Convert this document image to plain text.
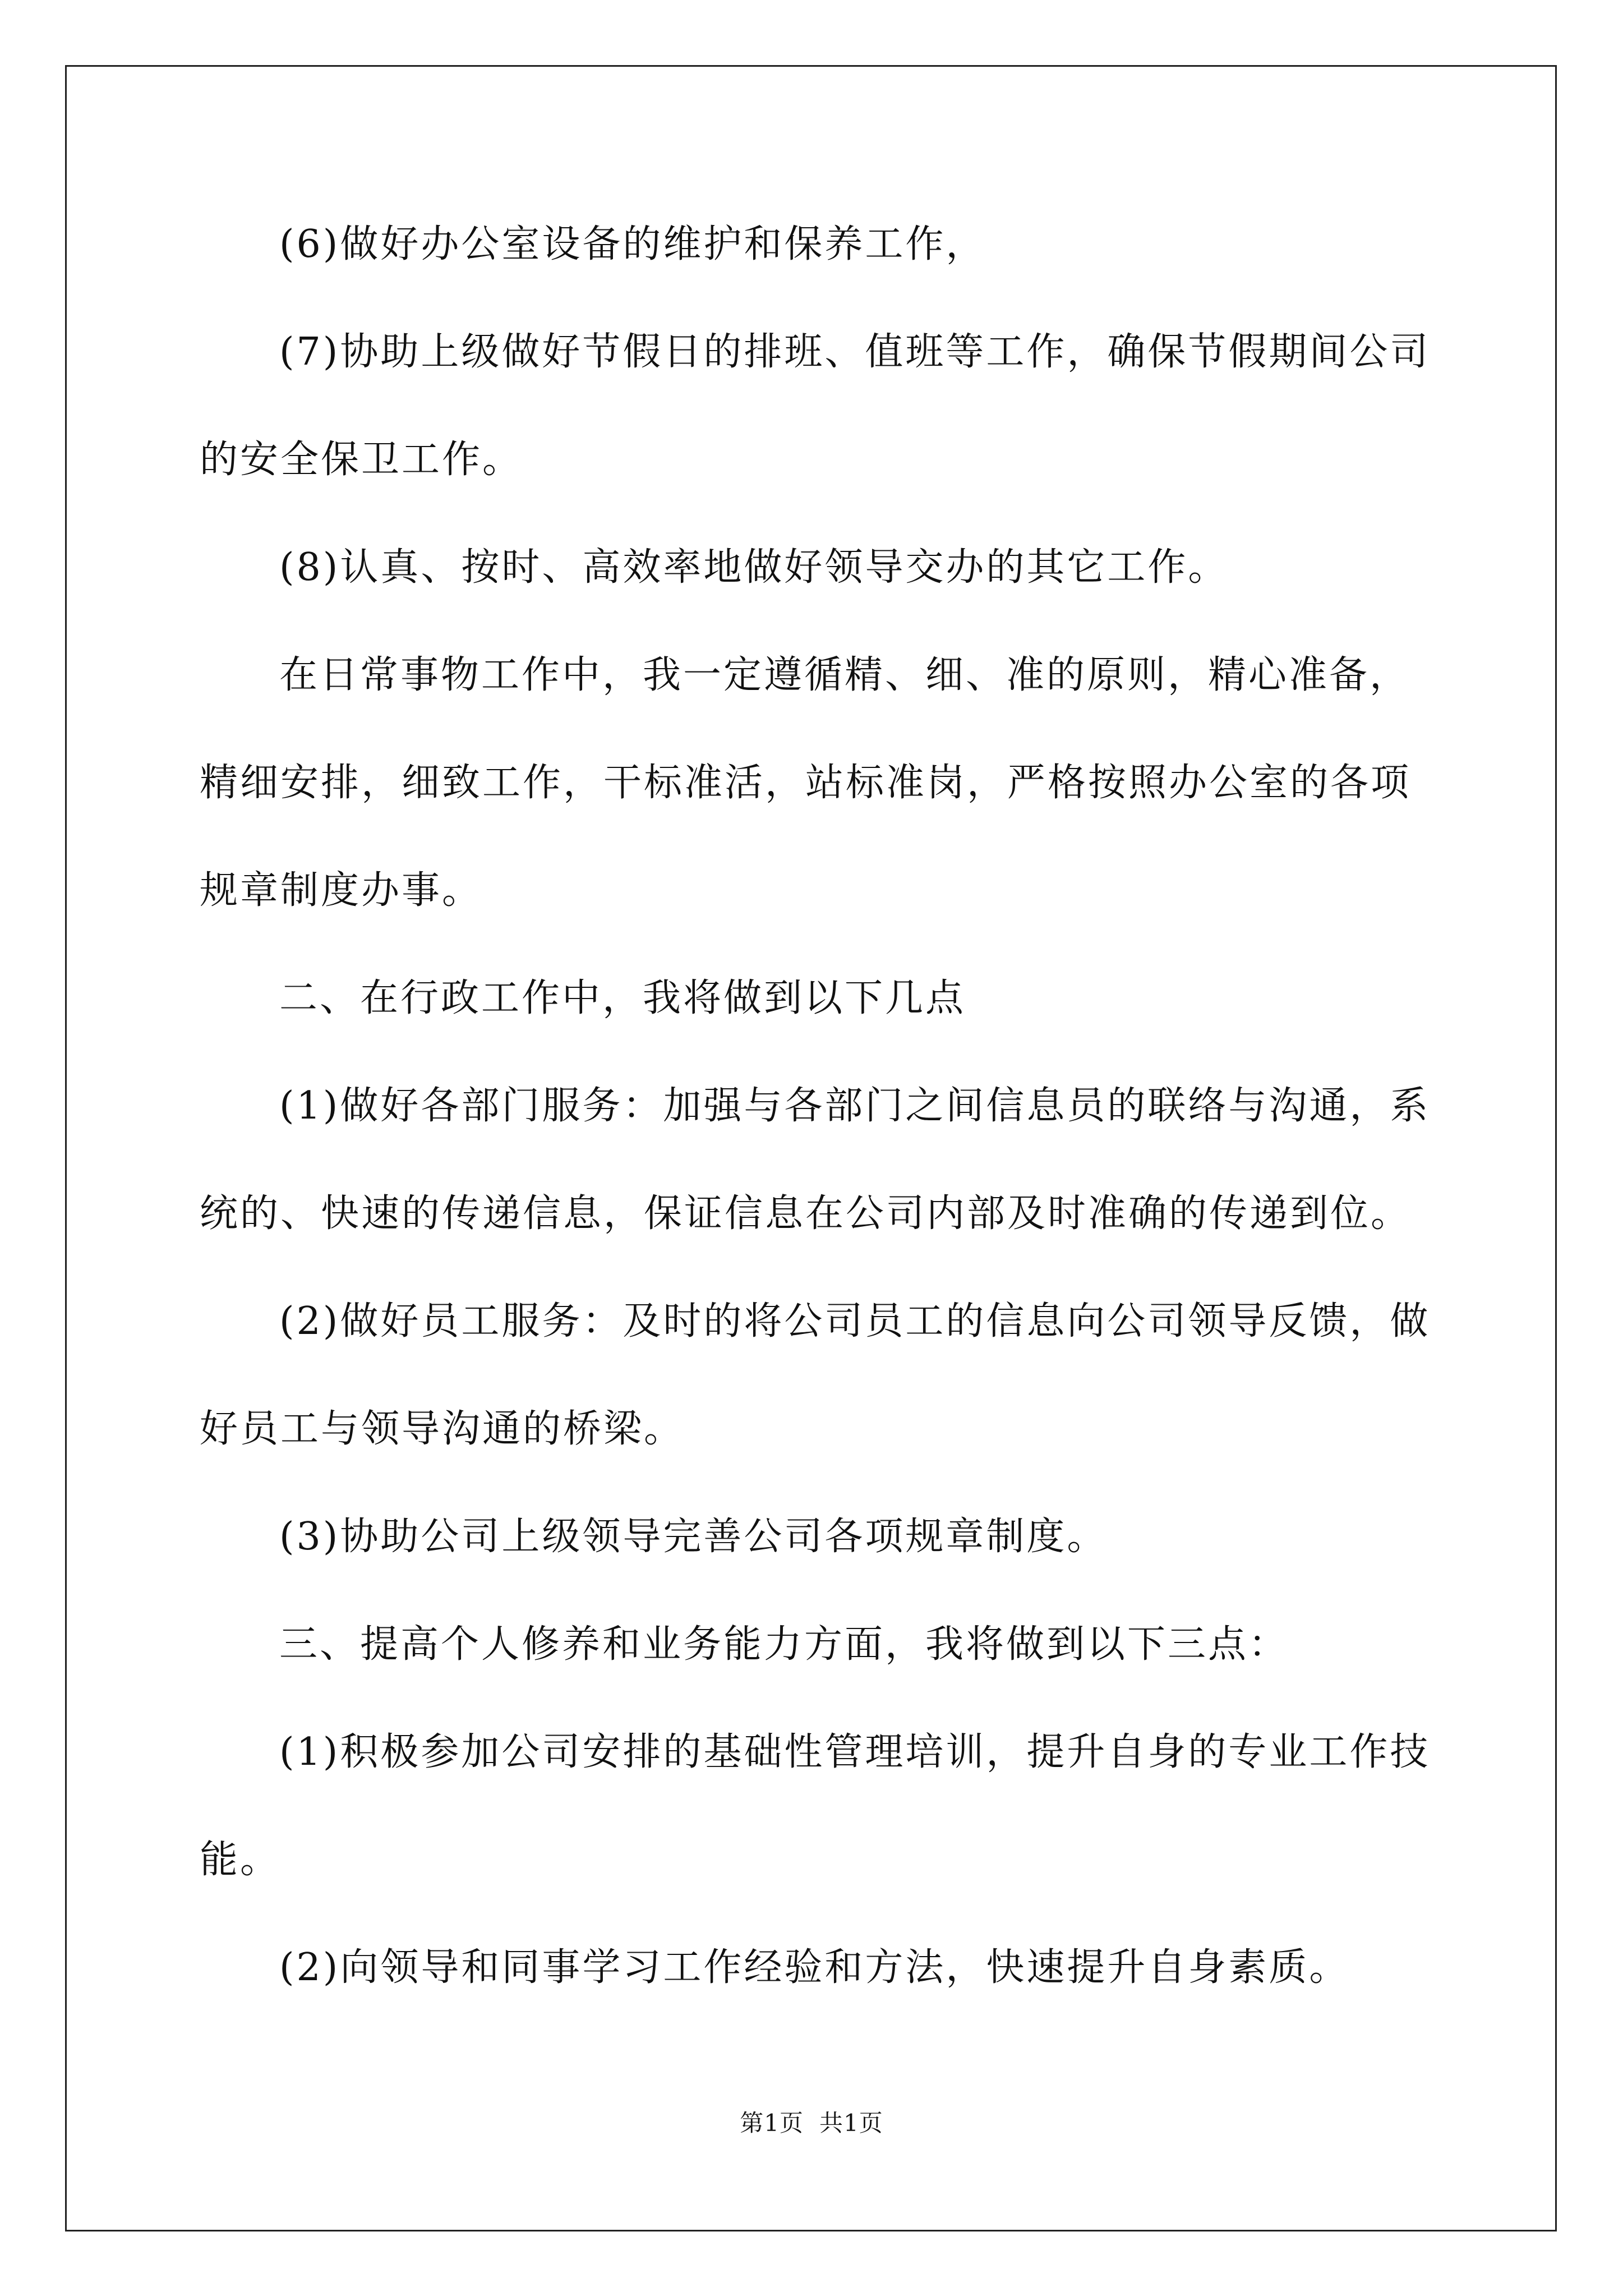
(6)做好办公室设备的维护和保养工作，

(7)协助上级做好节假日的排班、值班等工作，确保节假期间公司的安全保卫工作。

(8)认真、按时、高效率地做好领导交办的其它工作。

在日常事物工作中，我一定遵循精、细、准的原则，精心准备，精细安排，细致工作，干标准活，站标准岗，严格按照办公室的各项规章制度办事。

二、在行政工作中，我将做到以下几点

(1)做好各部门服务：加强与各部门之间信息员的联络与沟通，系统的、快速的传递信息，保证信息在公司内部及时准确的传递到位。

(2)做好员工服务：及时的将公司员工的信息向公司领导反馈，做好员工与领导沟通的桥梁。

(3)协助公司上级领导完善公司各项规章制度。

三、提高个人修养和业务能力方面，我将做到以下三点：

(1)积极参加公司安排的基础性管理培训，提升自身的专业工作技能。

(2)向领导和同事学习工作经验和方法，快速提升自身素质。

第1页 共1页
